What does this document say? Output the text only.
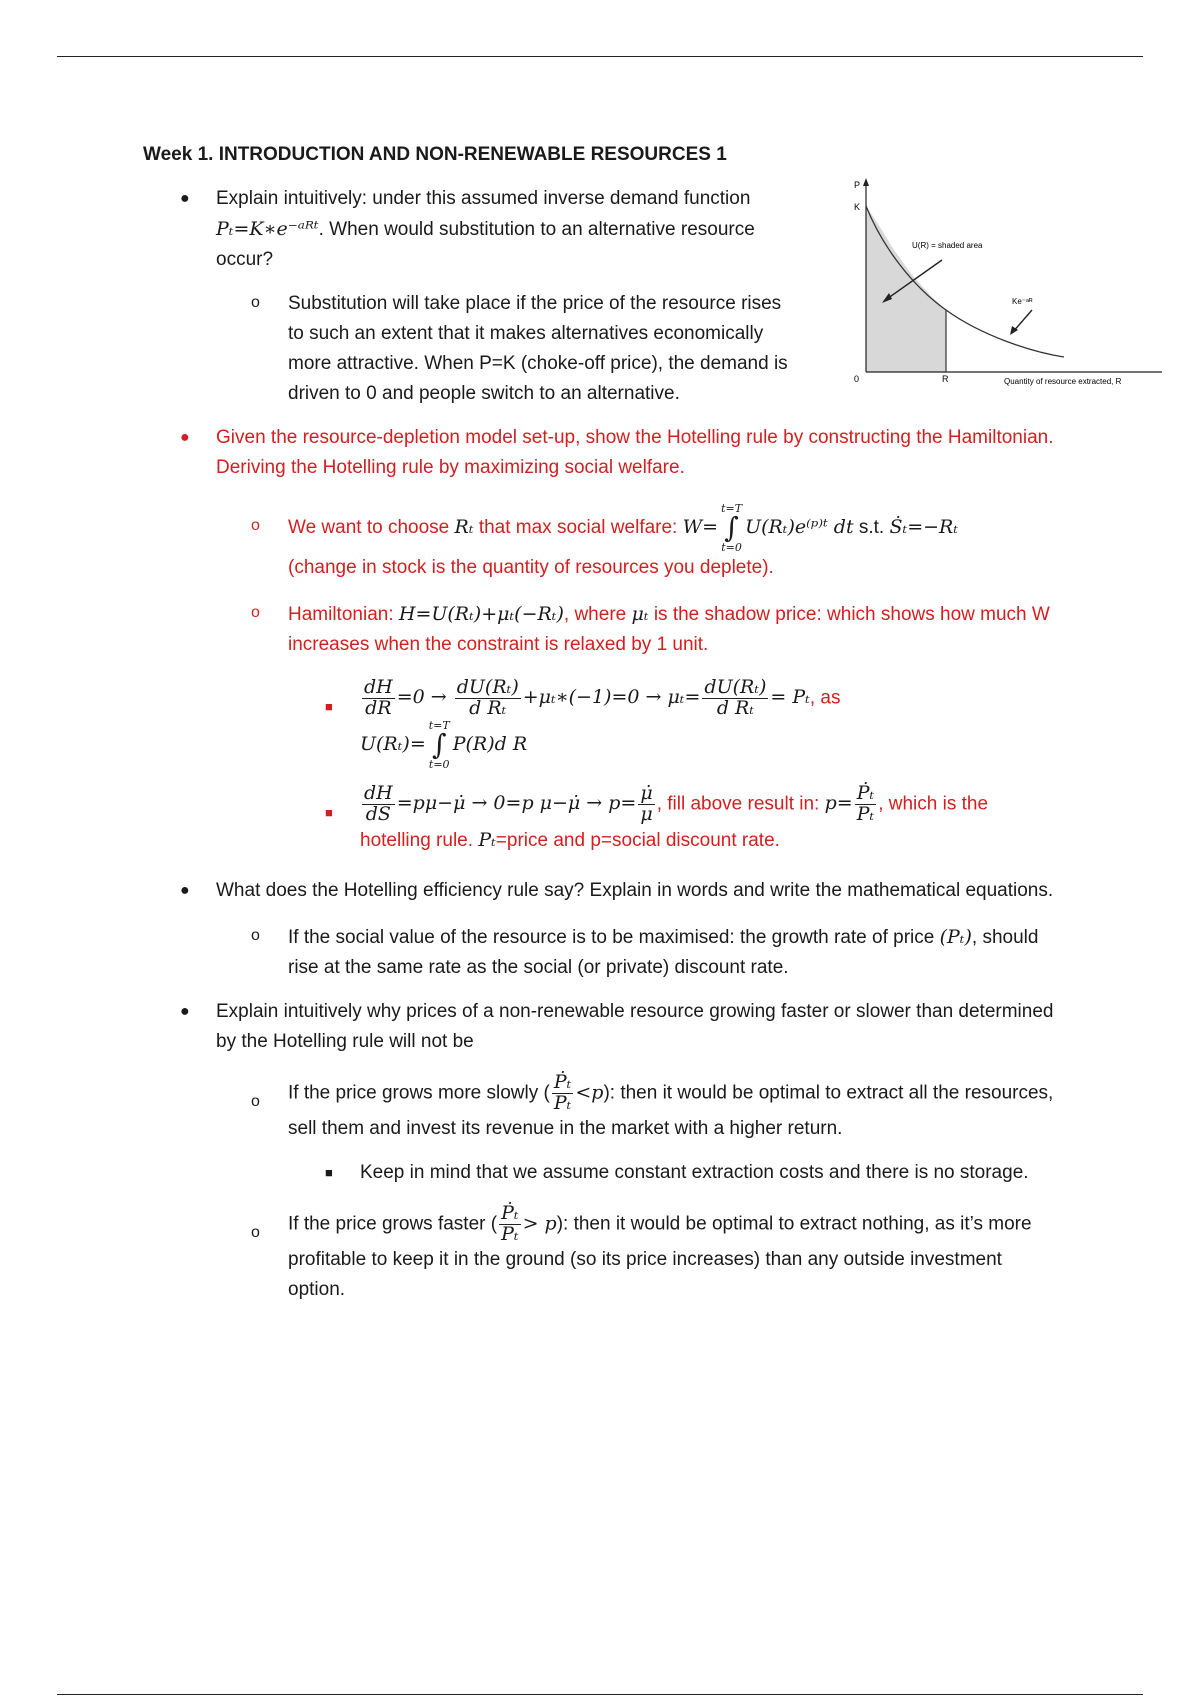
P
K
0	R	Quantity of resource extracted, R
U(R) = shaded area
Ke⁻ᵃᴿ
Week 1. INTRODUCTION AND NON-RENEWABLE RESOURCES 1
● Explain intuitively: under this assumed inverse demand function
Pₜ=K∗e⁻ᵃᴿᵗ. When would substitution to an alternative resource
occur?
o Substitution will take place if the price of the resource rises to such an extent that it makes alternatives economically more attractive. When P=K (choke-off price), the demand is driven to 0 and people switch to an alternative.
● Given the resource-depletion model set-up, show the Hotelling rule by constructing the Hamiltonian. Deriving the Hotelling rule by maximizing social welfare.
o We want to choose Rₜ that max social welfare: W=t=T
∫
t=0U(Rₜ)e⁽ᵖ⁾ᵗ dt s.t. Ṡₜ=−Rₜ
(change in stock is the quantity of resources you deplete).
o Hamiltonian: H=U(Rₜ)+μₜ(−Rₜ), where μₜ is the shadow price: which shows how much W increases when the constraint is relaxed by 1 unit.
■ $\frac{dH}{dR} =0 \to \frac{\text{dU(Rₜ)}}{\text{d Rₜ}}$ +μₜ∗(−1)=0 → $\mu_t= \frac{\text{dU(Rₜ)}}{\text{d Rₜ}} = P_t$, as
U(Rₜ)=t=T
∫
t=0P(R)d R
■ $\frac{dH}{dS}$ =pμ−μ̇ → 0=p μ−μ̇ → $p= \frac{\mu̇}{\mu}$ , fill above result in: $p= \frac{\text{Ṗₜ}}{\text{Pₜ}}$ , which is the hotelling rule. Pₜ=price and p=social discount rate.
● What does the Hotelling efficiency rule say? Explain in words and write the mathematical equations.
o If the social value of the resource is to be maximised: the growth rate of price (Pₜ), should rise at the same rate as the social (or private) discount rate.
● Explain intuitively why prices of a non-renewable resource growing faster or slower than determined by the Hotelling rule will not be
o If the price grows more slowly ( $\frac{\text{Ṗₜ}}{\text{Pₜ}} <p$): then it would be optimal to extract all the resources, sell them and invest its revenue in the market with a higher return.
■ Keep in mind that we assume constant extraction costs and there is no storage.
o If the price grows faster ( $\frac{\text{Ṗₜ}}{\text{Pₜ}} > p$): then it would be optimal to extract nothing, as it’s more profitable to keep it in the ground (so its price increases) than any outside investment option.
